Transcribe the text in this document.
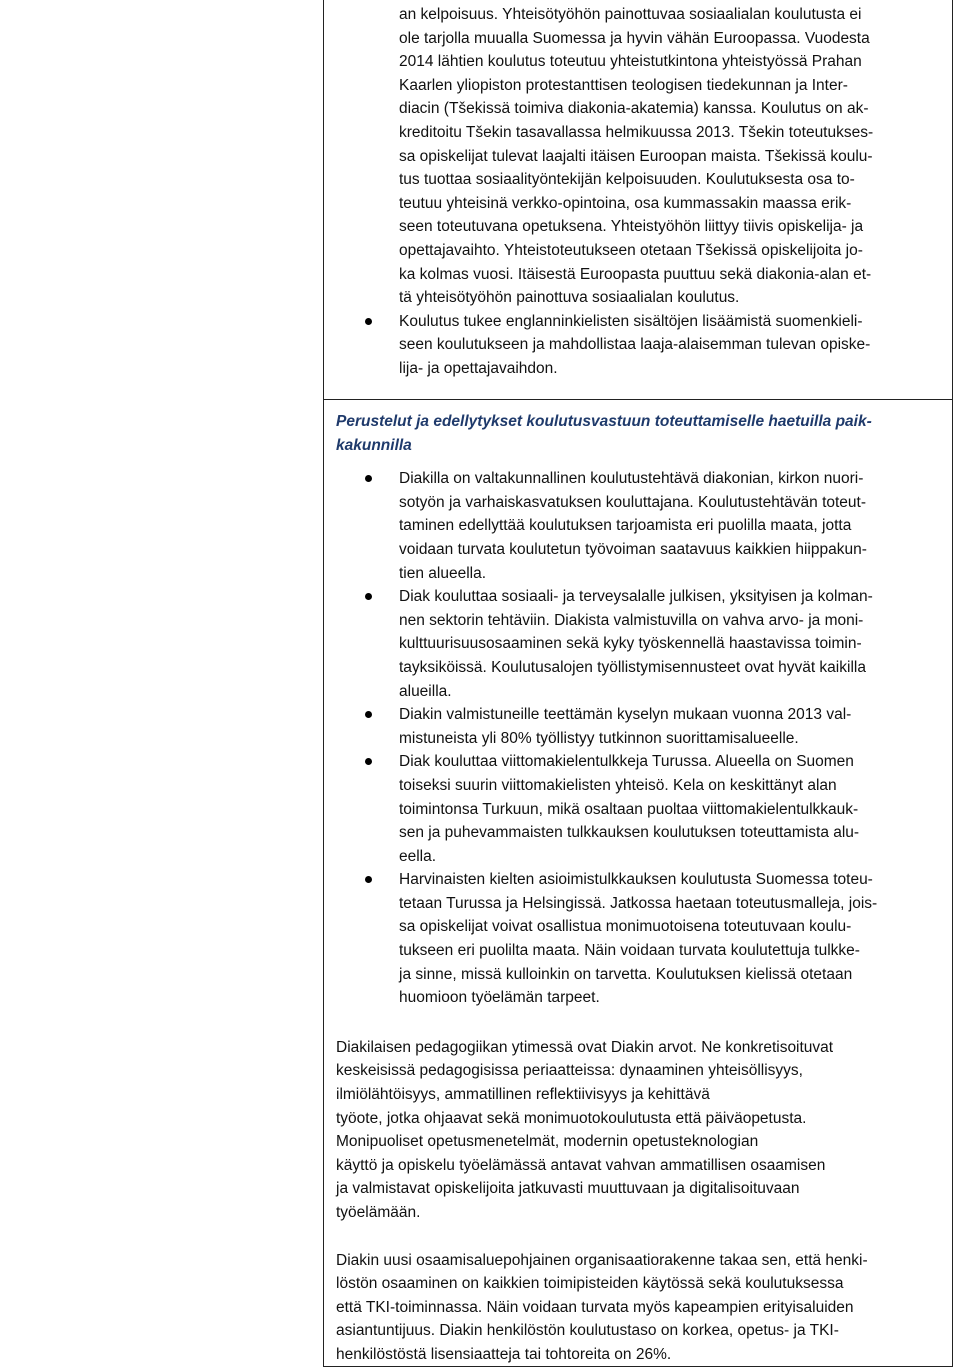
an kelpoisuus. Yhteisötyöhön painottuvaa sosiaalialan koulutusta ei
ole tarjolla muualla Suomessa ja hyvin vähän Euroopassa. Vuodesta
2014 lähtien koulutus toteutuu yhteistutkintona yhteistyössä Prahan
Kaarlen yliopiston protestanttisen teologisen tiedekunnan ja Inter-
diacin (Tšekissä toimiva diakonia-akatemia) kanssa. Koulutus on ak-
kreditoitu Tšekin tasavallassa helmikuussa 2013. Tšekin toteutukses-
sa opiskelijat tulevat laajalti itäisen Euroopan maista. Tšekissä koulu-
tus tuottaa sosiaalityöntekijän kelpoisuuden. Koulutuksesta osa to-
teutuu yhteisinä verkko-opintoina, osa kummassakin maassa erik-
seen toteutuvana opetuksena. Yhteistyöhön liittyy tiivis opiskelija- ja
opettajavaihto. Yhteistoteutukseen otetaan Tšekissä opiskelijoita jo-
ka kolmas vuosi. Itäisestä Euroopasta puuttuu sekä diakonia-alan et-
tä yhteisötyöhön painottuva sosiaalialan koulutus.
Koulutus tukee englanninkielisten sisältöjen lisäämistä suomenkieli-
seen koulutukseen ja mahdollistaa laaja-alaisemman tulevan opiske-
lija- ja opettajavaihdon.
Perustelut ja edellytykset koulutusvastuun toteuttamiselle haetuilla paik-
kakunnilla
Diakilla on valtakunnallinen koulutustehtävä diakonian, kirkon nuori-
sotyön ja varhaiskasvatuksen kouluttajana. Koulutustehtävän toteut-
taminen edellyttää koulutuksen tarjoamista eri puolilla maata, jotta
voidaan turvata koulutetun työvoiman saatavuus kaikkien hiippakun-
tien alueella.
Diak kouluttaa sosiaali- ja terveysalalle julkisen, yksityisen ja kolman-
nen sektorin tehtäviin. Diakista valmistuvilla on vahva arvo- ja moni-
kulttuurisuusosaaminen sekä kyky työskennellä haastavissa toimin-
tayksiköissä. Koulutusalojen työllistymisennusteet ovat hyvät kaikilla
alueilla.
Diakin valmistuneille teettämän kyselyn mukaan vuonna 2013 val-
mistuneista yli 80% työllistyy tutkinnon suorittamisalueelle.
Diak kouluttaa viittomakielentulkkeja Turussa. Alueella on Suomen
toiseksi suurin viittomakielisten yhteisö. Kela on keskittänyt alan
toimintonsa Turkuun, mikä osaltaan puoltaa viittomakielentulkkauk-
sen ja puhevammaisten tulkkauksen koulutuksen toteuttamista alu-
eella.
Harvinaisten kielten asioimistulkkauksen koulutusta Suomessa toteu-
tetaan Turussa ja Helsingissä. Jatkossa haetaan toteutusmalleja, jois-
sa opiskelijat voivat osallistua monimuotoisena toteutuvaan koulu-
tukseen eri puolilta maata. Näin voidaan turvata koulutettuja tulkke-
ja sinne, missä kulloinkin on tarvetta. Koulutuksen kielissä otetaan
huomioon työelämän tarpeet.
Diakilaisen pedagogiikan ytimessä ovat Diakin arvot. Ne konkretisoituvat
keskeisissä pedagogisissa periaatteissa: dynaaminen yhteisöllisyys,
ilmiölähtöisyys, ammatillinen reflektiivisyys ja kehittävä
työote, jotka ohjaavat sekä monimuotokoulutusta että päiväopetusta.
Monipuoliset opetusmenetelmät, modernin opetusteknologian
käyttö ja opiskelu työelämässä antavat vahvan ammatillisen osaamisen
ja valmistavat opiskelijoita jatkuvasti muuttuvaan ja digitalisoituvaan
työelämään.
Diakin uusi osaamisaluepohjainen organisaatiorakenne takaa sen, että henki-
löstön osaaminen on kaikkien toimipisteiden käytössä sekä koulutuksessa
että TKI-toiminnassa. Näin voidaan turvata myös kapeampien erityisaluiden
asiantuntijuus. Diakin henkilöstön koulutustaso on korkea, opetus- ja TKI-
henkilöstöstä lisensiaatteja tai tohtoreita on 26%.
